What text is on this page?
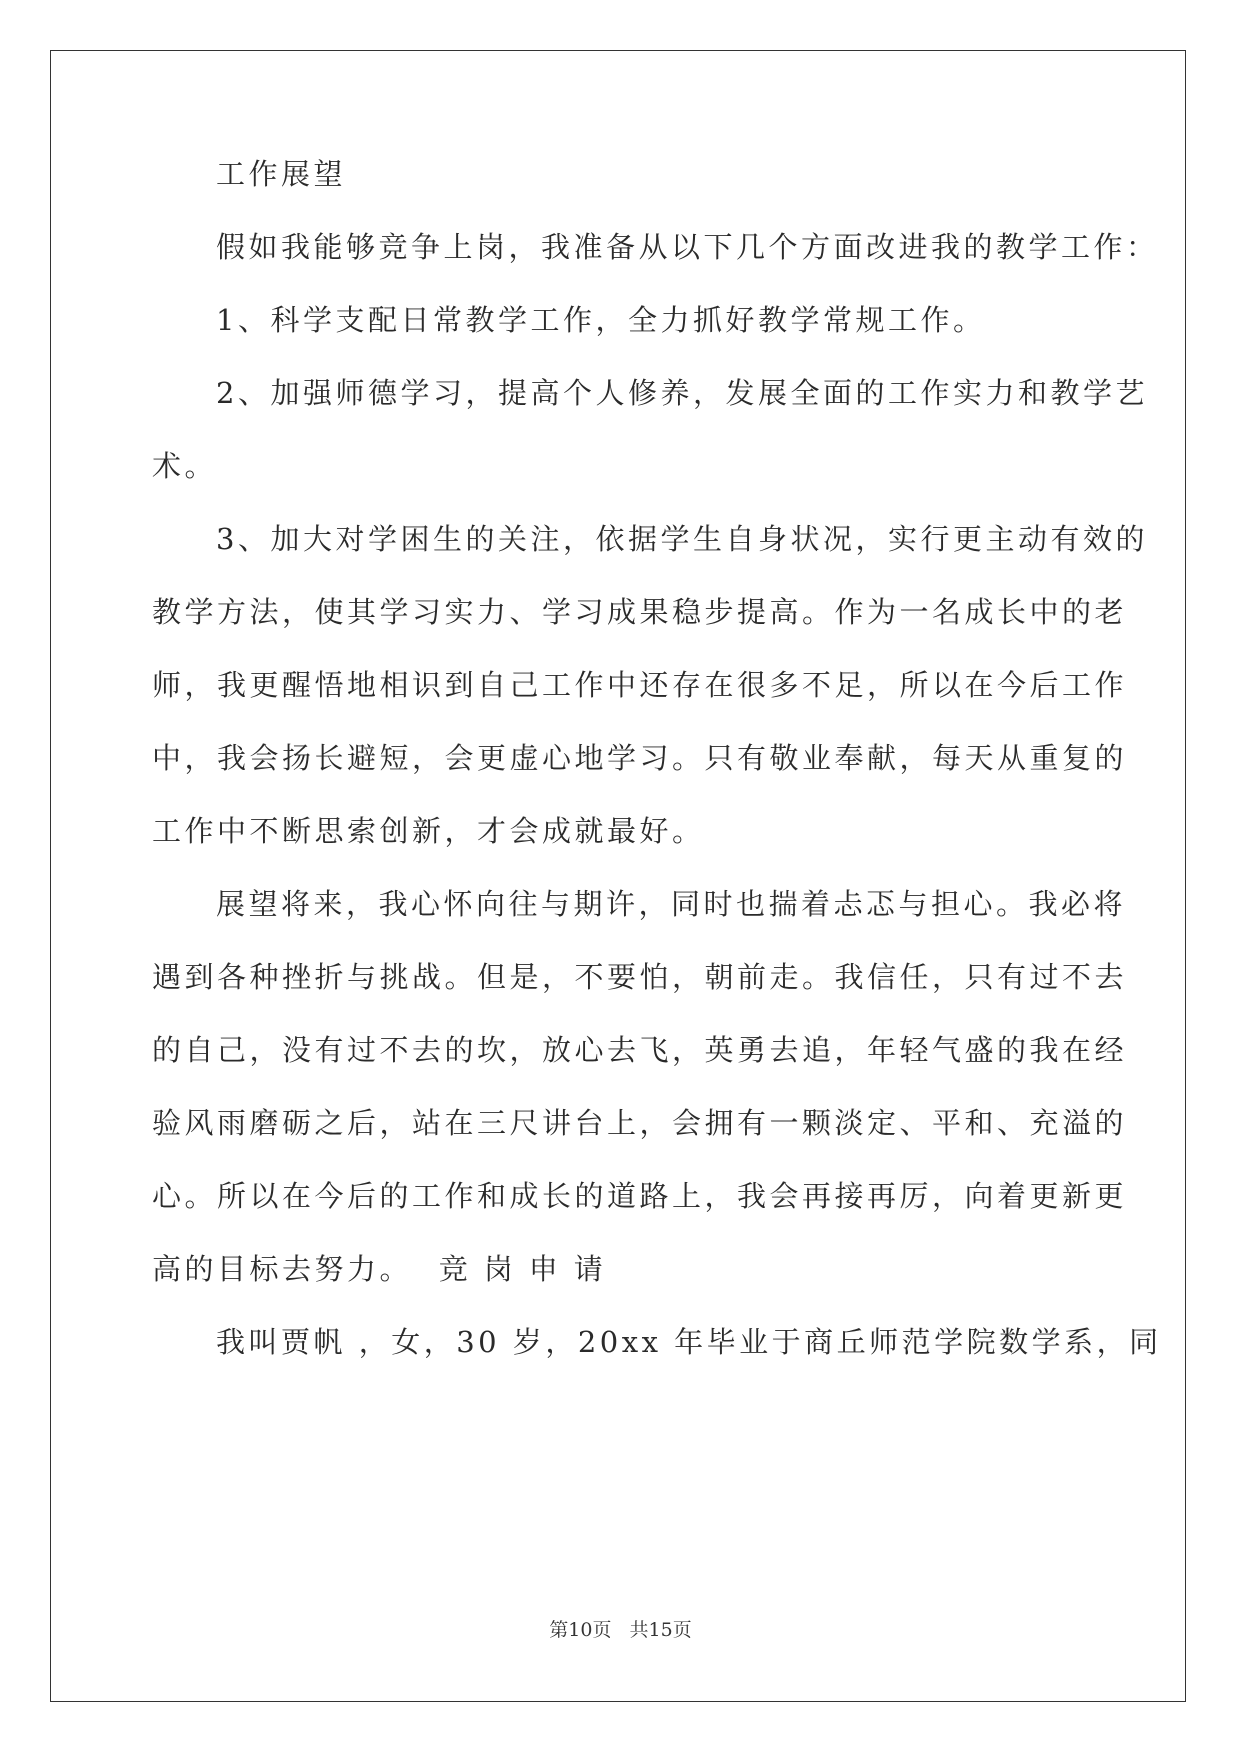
工作展望
假如我能够竞争上岗，我准备从以下几个方面改进我的教学工作：
1、科学支配日常教学工作，全力抓好教学常规工作。
2、加强师德学习，提高个人修养，发展全面的工作实力和教学艺
术。
3、加大对学困生的关注，依据学生自身状况，实行更主动有效的
教学方法，使其学习实力、学习成果稳步提高。作为一名成长中的老
师，我更醒悟地相识到自己工作中还存在很多不足，所以在今后工作
中，我会扬长避短，会更虚心地学习。只有敬业奉献，每天从重复的
工作中不断思索创新，才会成就最好。
展望将来，我心怀向往与期许，同时也揣着忐忑与担心。我必将
遇到各种挫折与挑战。但是，不要怕，朝前走。我信任，只有过不去
的自己，没有过不去的坎，放心去飞，英勇去追，年轻气盛的我在经
验风雨磨砺之后，站在三尺讲台上，会拥有一颗淡定、平和、充溢的
心。所以在今后的工作和成长的道路上，我会再接再厉，向着更新更
高的目标去努力。 竞岗申请
我叫贾帆 ，女，30 岁，20xx 年毕业于商丘师范学院数学系，同
第10页 共15页
